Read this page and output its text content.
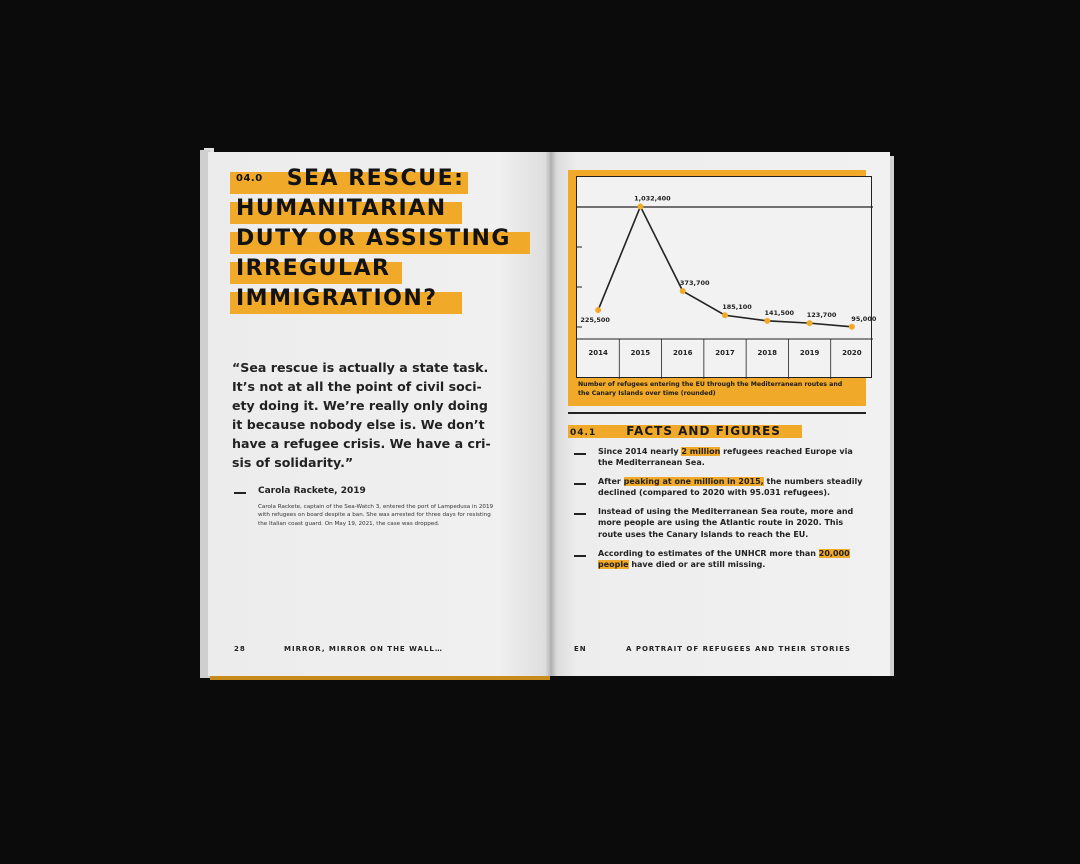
04.0 SEA RESCUE:
HUMANITARIAN
DUTY OR ASSISTING
IRREGULAR
IMMIGRATION?
“Sea rescue is actually a state task.
It’s not at all the point of civil soci-
ety doing it. We’re really only doing
it because nobody else is. We don’t
have a refugee crisis. We have a cri-
sis of solidarity.”
Carola Rackete, 2019
Carola Rackete, captain of the Sea-Watch 3, entered the port of Lampedusa in 2019 with refugees on board despite a ban. She was arrested for three days for resisting the Italian coast guard. On May 19, 2021, the case was dropped.
28	MIRROR, MIRROR ON THE WALL…
2014	2015	2016	2017	2018	2019	2020
225,500
1,032,400
373,700
185,100
141,500 123,700 95,000
Number of refugees entering the EU through the Mediterranean routes and the Canary Islands over time (rounded)
04.1	FACTS AND FIGURES
Since 2014 nearly 2 million refugees reached Europe via the Mediterranean Sea.
After peaking at one million in 2015, the numbers steadily declined (compared to 2020 with 95.031 refugees).
Instead of using the Mediterranean Sea route, more and more people are using the Atlantic route in 2020. This route uses the Canary Islands to reach the EU.
According to estimates of the UNHCR more than 20,000 people have died or are still missing.
EN	A PORTRAIT OF REFUGEES AND THEIR STORIES
